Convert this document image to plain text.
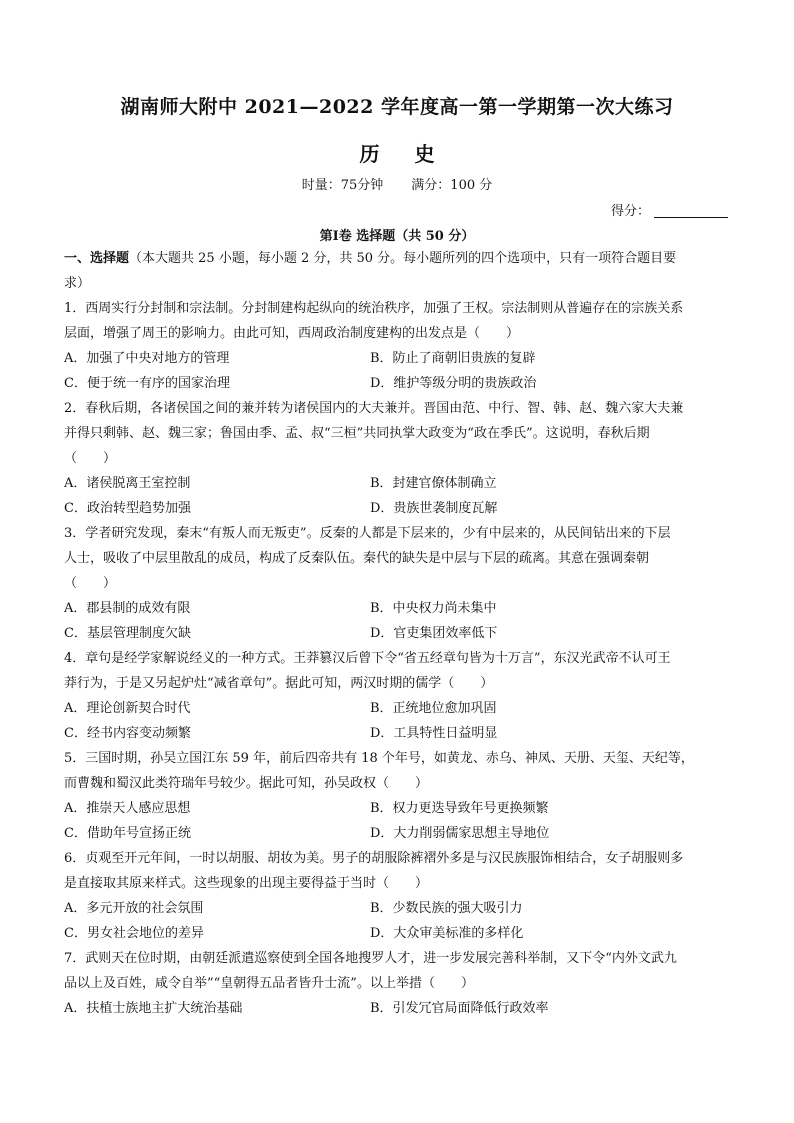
湖南师大附中 2021—2022 学年度高一第一学期第一次大练习
历 史
时量：75分钟 满分：100 分
得分：
第Ⅰ卷 选择题（共 50 分）

一、选择题（本大题共 25 小题，每小题 2 分，共 50 分。每小题所列的四个选项中，只有一项符合题目要

求）

1．西周实行分封制和宗法制。分封制建构起纵向的统治秩序，加强了王权。宗法制则从普遍存在的宗族关系

层面，增强了周王的影响力。由此可知，西周政治制度建构的出发点是（　　）

A．加强了中央对地方的管理	B．防止了商朝旧贵族的复辟
C．便于统一有序的国家治理	D．维护等级分明的贵族政治

2．春秋后期，各诸侯国之间的兼并转为诸侯国内的大夫兼并。晋国由范、中行、智、韩、赵、魏六家大夫兼

并得只剩韩、赵、魏三家；鲁国由季、孟、叔“三桓”共同执掌大政变为“政在季氏”。这说明，春秋后期

（　　）

A．诸侯脱离王室控制	B．封建官僚体制确立
C．政治转型趋势加强	D．贵族世袭制度瓦解

3．学者研究发现，秦末“有叛人而无叛吏”。反秦的人都是下层来的，少有中层来的，从民间钻出来的下层

人士，吸收了中层里散乱的成员，构成了反秦队伍。秦代的缺失是中层与下层的疏离。其意在强调秦朝

（　　）

A．郡县制的成效有限	B．中央权力尚未集中
C．基层管理制度欠缺	D．官吏集团效率低下

4．章句是经学家解说经义的一种方式。王莽篡汉后曾下令“省五经章句皆为十万言”，东汉光武帝不认可王

莽行为，于是又另起炉灶“减省章句”。据此可知，两汉时期的儒学（　　）

A．理论创新契合时代	B．正统地位愈加巩固
C．经书内容变动频繁	D．工具特性日益明显

5．三国时期，孙吴立国江东 59 年，前后四帝共有 18 个年号，如黄龙、赤乌、神凤、天册、天玺、天纪等，

而曹魏和蜀汉此类符瑞年号较少。据此可知，孙吴政权（　　）

A．推崇天人感应思想	B．权力更迭导致年号更换频繁
C．借助年号宣扬正统	D．大力削弱儒家思想主导地位

6．贞观至开元年间，一时以胡服、胡妆为美。男子的胡服除裤褶外多是与汉民族服饰相结合，女子胡服则多

是直接取其原来样式。这些现象的出现主要得益于当时（　　）

A．多元开放的社会氛围	B．少数民族的强大吸引力
C．男女社会地位的差异	D．大众审美标准的多样化

7．武则天在位时期，由朝廷派遣巡察使到全国各地搜罗人才，进一步发展完善科举制，又下令“内外文武九

品以上及百姓，咸令自举”“皇朝得五品者皆升士流”。以上举措（　　）

A．扶植士族地主扩大统治基础	B．引发冗官局面降低行政效率
